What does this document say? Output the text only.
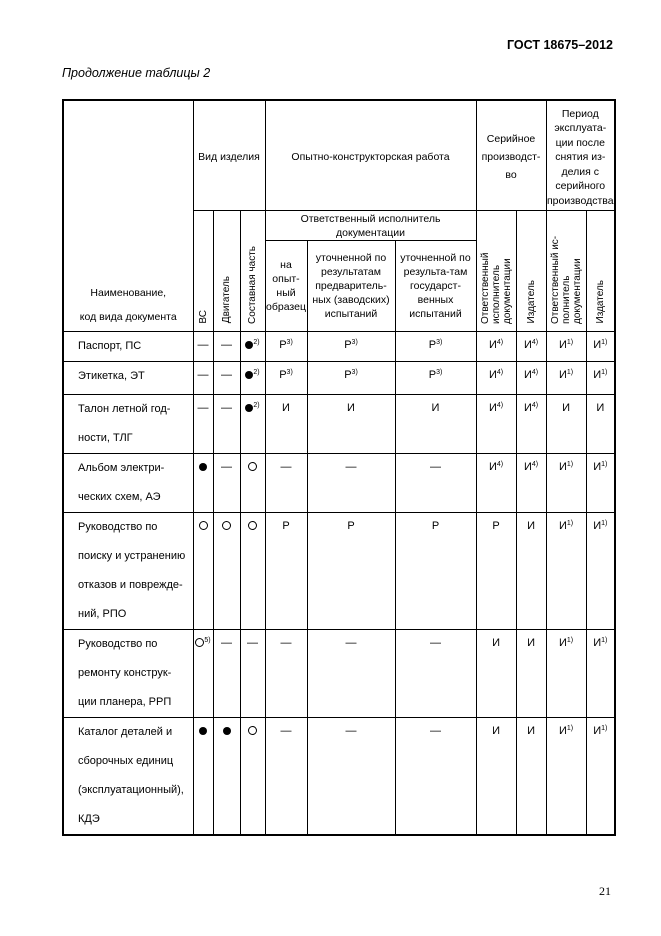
ГОСТ 18675–2012
Продолжение таблицы 2
Наименование,
код вида документа	Вид изделия			Опытно-конструкторская работа			Серийное производст-во		Период эксплуата-ции после снятия из-делия с серийного производства	
	ВС	Двигатель	Составная часть	Ответственный исполнитель документации			Ответственный исполнитель документации	Издатель	Ответственный ис-полнитель документации	Издатель
				на опыт-ный образец	уточненной по результатам предваритель-ных (заводских) испытаний	уточненной по результа-там государст-венных испытаний				
Паспорт, ПС	—	—	$^{2)}$	$Р^{3)}$	$Р^{3)}$	$Р^{3)}$	$И^{4)}$	$И^{4)}$	$И^{1)}$	$И^{1)}$
Этикетка, ЭТ	—	—	$^{2)}$	$Р^{3)}$	$Р^{3)}$	$Р^{3)}$	$И^{4)}$	$И^{4)}$	$И^{1)}$	$И^{1)}$
Талон летной год-
ности, ТЛГ	—	—	$^{2)}$	И	И	И	$И^{4)}$	$И^{4)}$	И	И
Альбом электри-
ческих схем, АЭ		—		—	—	—	$И^{4)}$	$И^{4)}$	$И^{1)}$	$И^{1)}$
Руководство по
поиску и устранению
отказов и поврежде-
ний, РПО				Р	Р	Р	Р	И	$И^{1)}$	$И^{1)}$
Руководство по
ремонту конструк-
ции планера, РРП	$^{5)}$	—	—	—	—	—	И	И	$И^{1)}$	$И^{1)}$
Каталог деталей и
сборочных единиц
(эксплуатационный),
КДЭ				—	—	—	И	И	$И^{1)}$	$И^{1)}$
21
